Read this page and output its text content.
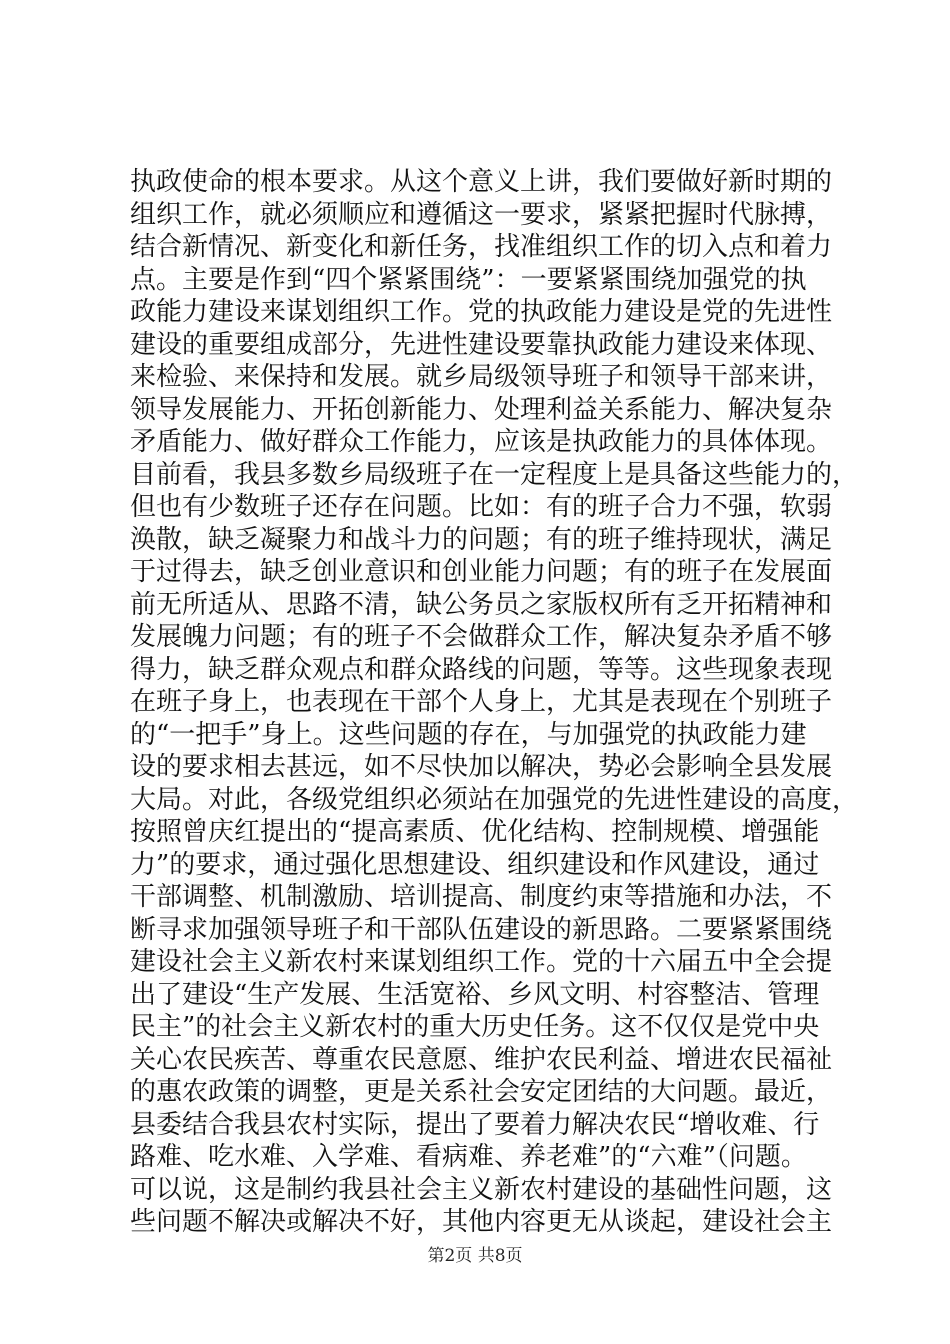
执政使命的根本要求。从这个意义上讲，我们要做好新时期的
组织工作，就必须顺应和遵循这一要求，紧紧把握时代脉搏，
结合新情况、新变化和新任务，找准组织工作的切入点和着力
点。主要是作到“四个紧紧围绕”：一要紧紧围绕加强党的执
政能力建设来谋划组织工作。党的执政能力建设是党的先进性
建设的重要组成部分，先进性建设要靠执政能力建设来体现、
来检验、来保持和发展。就乡局级领导班子和领导干部来讲，
领导发展能力、开拓创新能力、处理利益关系能力、解决复杂
矛盾能力、做好群众工作能力，应该是执政能力的具体体现。
目前看，我县多数乡局级班子在一定程度上是具备这些能力的，
但也有少数班子还存在问题。比如：有的班子合力不强，软弱
涣散，缺乏凝聚力和战斗力的问题；有的班子维持现状，满足
于过得去，缺乏创业意识和创业能力问题；有的班子在发展面
前无所适从、思路不清，缺公务员之家版权所有乏开拓精神和
发展魄力问题；有的班子不会做群众工作，解决复杂矛盾不够
得力，缺乏群众观点和群众路线的问题，等等。这些现象表现
在班子身上，也表现在干部个人身上，尤其是表现在个别班子
的“一把手”身上。这些问题的存在，与加强党的执政能力建
设的要求相去甚远，如不尽快加以解决，势必会影响全县发展
大局。对此，各级党组织必须站在加强党的先进性建设的高度，
按照曾庆红提出的“提高素质、优化结构、控制规模、增强能
力”的要求，通过强化思想建设、组织建设和作风建设，通过
干部调整、机制激励、培训提高、制度约束等措施和办法，不
断寻求加强领导班子和干部队伍建设的新思路。二要紧紧围绕
建设社会主义新农村来谋划组织工作。党的十六届五中全会提
出了建设“生产发展、生活宽裕、乡风文明、村容整洁、管理
民主”的社会主义新农村的重大历史任务。这不仅仅是党中央
关心农民疾苦、尊重农民意愿、维护农民利益、增进农民福祉
的惠农政策的调整，更是关系社会安定团结的大问题。最近，
县委结合我县农村实际，提出了要着力解决农民“增收难、行
路难、吃水难、入学难、看病难、养老难”的“六难”（问题。
可以说，这是制约我县社会主义新农村建设的基础性问题，这
些问题不解决或解决不好，其他内容更无从谈起，建设社会主
第2页 共8页
